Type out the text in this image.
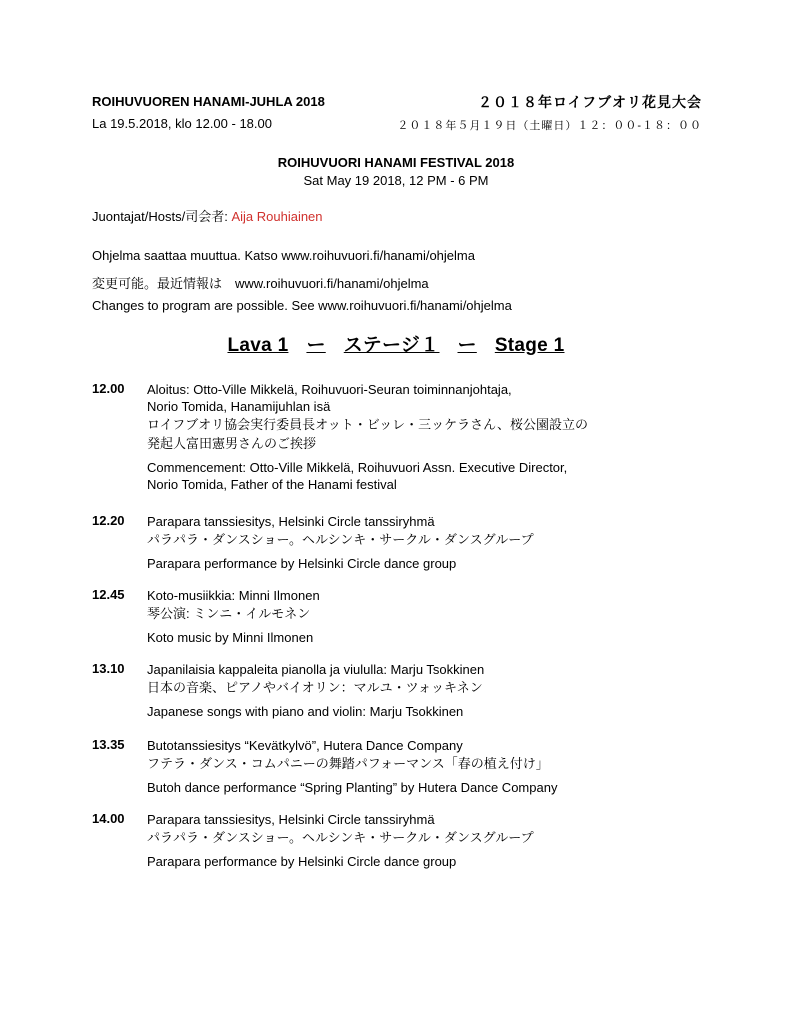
ROIHUVUOREN HANAMI-JUHLA 2018
La 19.5.2018, klo 12.00 - 18.00
２０１８年ロイフブオリ花見大会
２０１８年５月１９日（土曜日）１２：００-１８：００
ROIHUVUORI HANAMI FESTIVAL 2018
Sat May 19 2018, 12 PM - 6 PM
Juontajat/Hosts/司会者: Aija Rouhiainen
Ohjelma saattaa muuttua. Katso www.roihuvuori.fi/hanami/ohjelma
変更可能。最近情報は　www.roihuvuori.fi/hanami/ohjelma
Changes to program are possible. See www.roihuvuori.fi/hanami/ohjelma
Lava 1 ー ステージ１ ー Stage 1
12.00 Aloitus: Otto-Ville Mikkelä, Roihuvuori-Seuran toiminnanjohtaja,
Norio Tomida, Hanamijuhlan isä
ロイフブオリ協会実行委員長オット・ビッレ・三ッケラさん、桜公園設立の
発起人富田憲男さんのご挨拶
Commencement: Otto-Ville Mikkelä, Roihuvuori Assn. Executive Director,
Norio Tomida, Father of the Hanami festival
12.20 Parapara tanssiesitys, Helsinki Circle tanssiryhmä
パラパラ・ダンスショー。ヘルシンキ・サークル・ダンスグループ
Parapara performance by Helsinki Circle dance group
12.45 Koto-musiikkia: Minni Ilmonen
琴公演: ミンニ・イルモネン
Koto music by Minni Ilmonen
13.10 Japanilaisia kappaleita pianolla ja viululla: Marju Tsokkinen
日本の音楽、ピアノやバイオリン：マルユ・ツォッキネン
Japanese songs with piano and violin: Marju Tsokkinen
13.35 Butotanssiesitys “Kevätkylvö”, Hutera Dance Company
フテラ・ダンス・コムパニーの舞踏パフォーマンス「春の植え付け」
Butoh dance performance “Spring Planting” by Hutera Dance Company
14.00 Parapara tanssiesitys, Helsinki Circle tanssiryhmä
パラパラ・ダンスショー。ヘルシンキ・サークル・ダンスグループ
Parapara performance by Helsinki Circle dance group
